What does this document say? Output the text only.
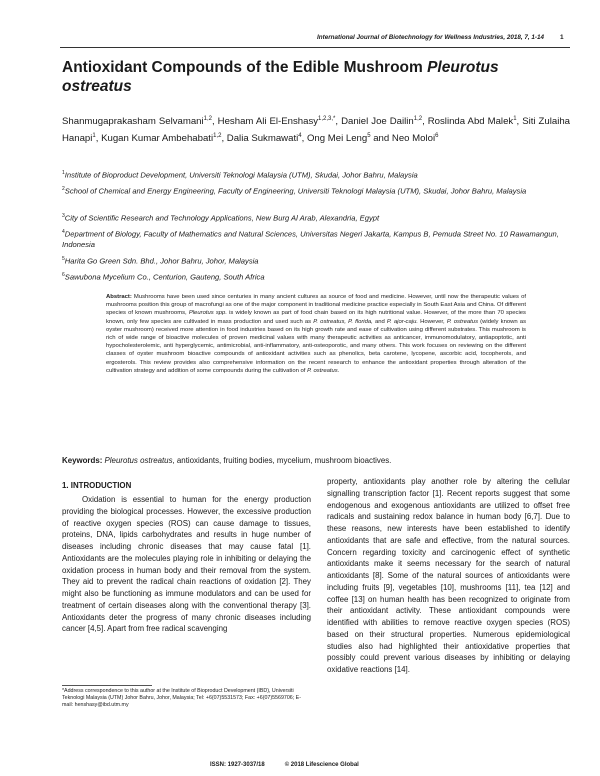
International Journal of Biotechnology for Wellness Industries, 2018, 7, 1-14 1
Antioxidant Compounds of the Edible Mushroom Pleurotus ostreatus
Shanmugaprakasham Selvamani$^{1,2}$, Hesham Ali El-Enshasy$^{1,2,3,*}$, Daniel Joe Dailin$^{1,2}$, Roslinda Abd Malek$^1$, Siti Zulaiha Hanapi$^1$, Kugan Kumar Ambehabati$^{1,2}$, Dalia Sukmawati$^4$, Ong Mei Leng$^5$ and Neo Moloi$^6$
$^1$Institute of Bioproduct Development, Universiti Teknologi Malaysia (UTM), Skudai, Johor Bahru, Malaysia
$^2$School of Chemical and Energy Engineering, Faculty of Engineering, Universiti Teknologi Malaysia (UTM), Skudai, Johor Bahru, Malaysia
$^3$City of Scientific Research and Technology Applications, New Burg Al Arab, Alexandria, Egypt
$^4$Department of Biology, Faculty of Mathematics and Natural Sciences, Universitas Negeri Jakarta, Kampus B, Pemuda Street No. 10 Rawamangun, Indonesia
$^5$Harita Go Green Sdn. Bhd., Johor Bahru, Johor, Malaysia
$^6$Sawubona Mycelium Co., Centurion, Gauteng, South Africa
Abstract: Mushrooms have been used since centuries in many ancient cultures as source of food and medicine. However, until now the therapeutic values of mushrooms position this group of macrofungi as one of the major component in traditional medicine practice especially in South East Asia and China. Of different species of known mushrooms, Pleurotus spp. is widely known as part of food chain based on its high nutritional value. However, of the more than 70 species known, only few species are cultivated in mass production and used such as P. ostreatus, P. florida, and P. ajor-caju. However, P. ostreatus (widely known as oyster mushroom) received more attention in food industries based on its high growth rate and ease of cultivation using different substrates. This mushroom is rich of wide range of bioactive molecules of proven medicinal values with many therapeutic activities as anticancer, immunomodulatory, antiapoptotic, anti hypocholesterolemic, anti hyperglycemic, antimicrobial, anti-inflammatory, anti-osteoporotic, and many others. This work focuses on reviewing on the different classes of oyster mushroom bioactive compounds of antioxidant activities such as phenolics, beta carotene, lycopene, ascorbic acid, tocopherols, and ergosterols. This review provides also comprehensive information on the recent research to enhance the antioxidant properties through alteration of the cultivation strategy and addition of some compounds during the cultivation of P. ostreatus.
Keywords: Pleurotus ostreatus, antioxidants, fruiting bodies, mycelium, mushroom bioactives.
1. INTRODUCTION
Oxidation is essential to human for the energy production providing the biological processes. However, the excessive production of reactive oxygen species (ROS) can cause damage to tissues, proteins, DNA, lipids carbohydrates and results in huge number of diseases including chronic diseases that may cause fatal [1]. Antioxidants are the molecules playing role in inhibiting or delaying the oxidation process in human body and their removal from the system. They aid to prevent the radical chain reactions of oxidation [2]. They might also be functioning as immune modulators and can be used for treatment of certain diseases along with the conventional therapy [3]. Antioxidants deter the progress of many chronic diseases including cancer [4,5]. Apart from free radical scavenging
property, antioxidants play another role by altering the cellular signalling transcription factor [1]. Recent reports suggest that some endogenous and exogenous antioxidants are utilized to offset free radicals and sustaining redox balance in human body [6,7]. Due to these reasons, new interests have been established to identify antioxidants that are safe and effective, from the natural sources. Concern regarding toxicity and carcinogenic effect of synthetic antioxidants make it seems necessary for the search of natural antioxidants [8]. Some of the natural sources of antioxidants were including fruits [9], vegetables [10], mushrooms [11], tea [12] and coffee [13] on human health has been recognized to originate from their antioxidant activity. These antioxidant compounds were identified with abilities to remove reactive oxygen species (ROS) based on their structural properties. Numerous epidemiological studies also had highlighted their antioxidative properties that possibly could prevent various diseases by inhibiting or delaying oxidative reactions [14].
*Address correspondence to this author at the Institute of Bioproduct Development (IBD), Universiti Teknologi Malaysia (UTM) Johor Bahru, Johor, Malaysia; Tel: +6(07)5531573; Fax: +6(07)5569706; E-mail: henshasy@ibd.utm.my
ISSN: 1927-3037/18	© 2018 Lifescience Global
